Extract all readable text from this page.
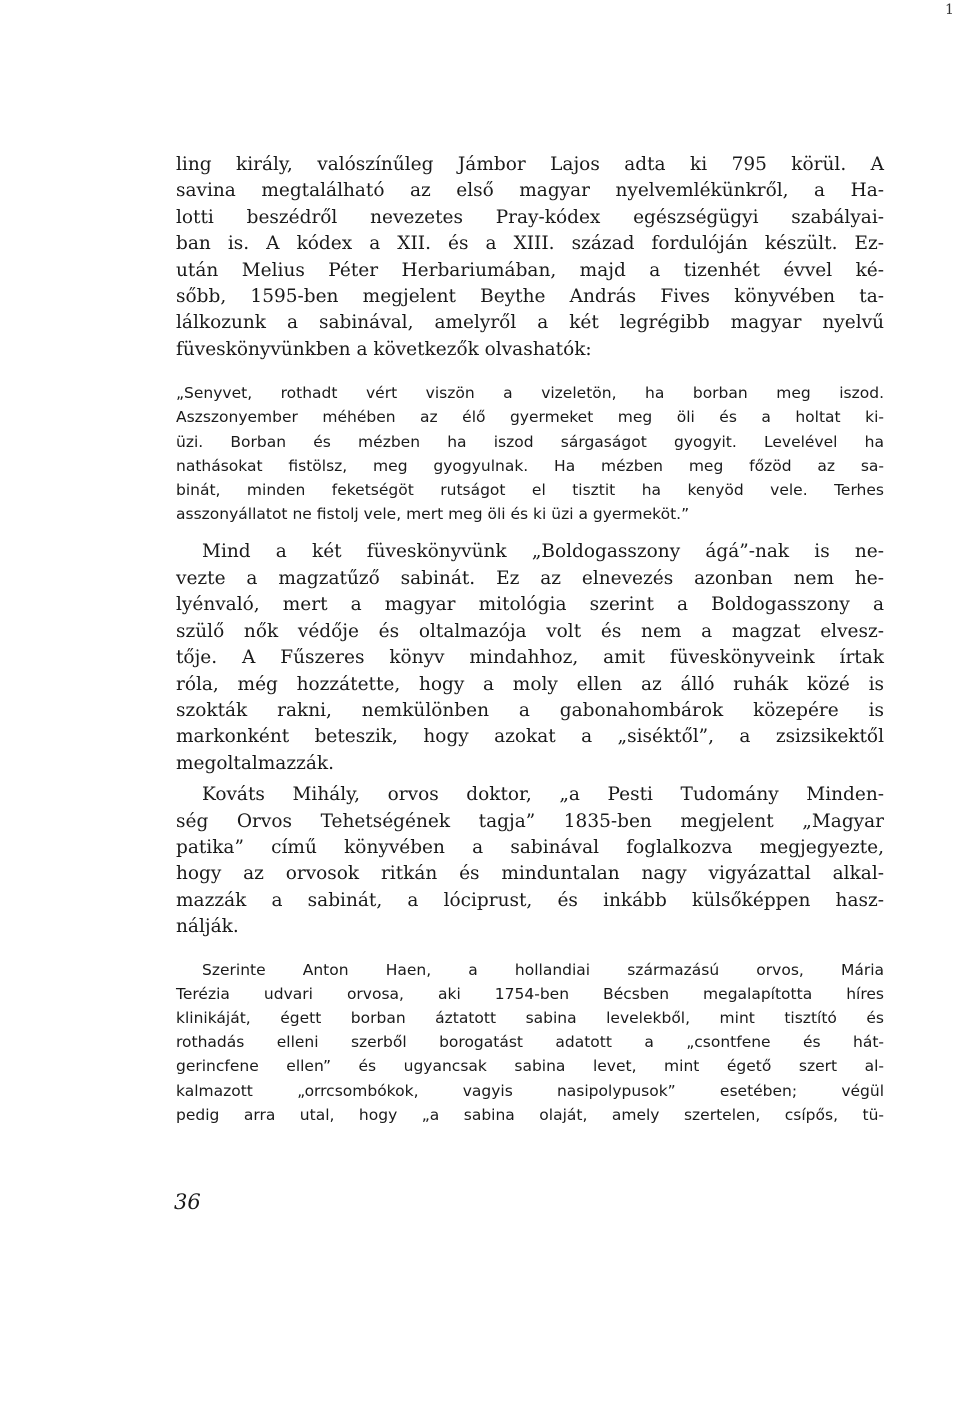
1

ling király, valószínűleg Jámbor Lajos adta ki 795 körül. A
savina megtalálható az első magyar nyelvemlékünkről, a Ha-
lotti beszédről nevezetes Pray-kódex egészségügyi szabályai-
ban is. A kódex a XII. és a XIII. század fordulóján készült. Ez-
után Melius Péter Herbariumában, majd a tizenhét évvel ké-
sőbb, 1595-ben megjelent Beythe András Fives könyvében ta-
lálkozunk a sabinával, amelyről a két legrégibb magyar nyelvű
füveskönyvünkben a következők olvashatók:

„Senyvet, rothadt vért viszön a vizeletön, ha borban meg iszod.
Aszszonyember méhében az élő gyermeket meg öli és a holtat ki-
üzi. Borban és mézben ha iszod sárgaságot gyogyit. Levelével ha
nathásokat fistölsz, meg gyogyulnak. Ha mézben meg főzöd az sa-
binát, minden feketségöt rutságot el tisztit ha kenyöd vele. Terhes
asszonyállatot ne fistolj vele, mert meg öli és ki üzi a gyermeköt.”

Mind a két füveskönyvünk „Boldogasszony ágá”-nak is ne-
vezte a magzatűző sabinát. Ez az elnevezés azonban nem he-
lyénvaló, mert a magyar mitológia szerint a Boldogasszony a
szülő nők védője és oltalmazója volt és nem a magzat elvesz-
tője. A Fűszeres könyv mindahhoz, amit füveskönyveink írtak
róla, még hozzátette, hogy a moly ellen az álló ruhák közé is
szokták rakni, nemkülönben a gabonahombárok közepére is
markonként beteszik, hogy azokat a „siséktől”, a zsizsikektől
megoltalmazzák.

Kováts Mihály, orvos doktor, „a Pesti Tudomány Minden-
ség Orvos Tehetségének tagja” 1835-ben megjelent „Magyar
patika” című könyvében a sabinával foglalkozva megjegyezte,
hogy az orvosok ritkán és minduntalan nagy vigyázattal alkal-
mazzák a sabinát, a lóciprust, és inkább külsőképpen hasz-
nálják.

Szerinte Anton Haen, a hollandiai származású orvos, Mária
Terézia udvari orvosa, aki 1754-ben Bécsben megalapította híres
klinikáját, égett borban áztatott sabina levelekből, mint tisztító és
rothadás elleni szerből borogatást adatott a „csontfene és hát-
gerincfene ellen” és ugyancsak sabina levet, mint égető szert al-
kalmazott „orrcsombókok, vagyis nasipolypusok” esetében; végül
pedig arra utal, hogy „a sabina olaját, amely szertelen, csípős, tü-

36
